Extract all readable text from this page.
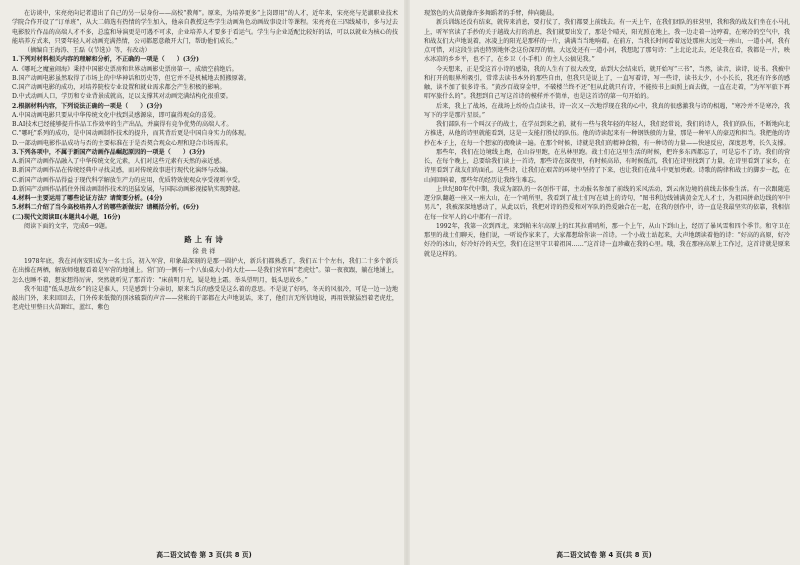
在访谈中，宋亮亮向记者道出了自己的另一层身份——高校“教师”。原来，为培养更多“上岗即用”的人才，近年来，宋亮亮与芜湖职业技术学院合作开设了“订单班”，从大二筛选有热情的学生加入，他亲自教授这些学生动画角色动画故事设计等课程。宋亮亮在三四线城市，多与过去电影胶片作品的高端人才不多，总监和导演更是可遇不可求，企业培养人才要多于看运气。学生与企业适配比较好的话，可以以就业为核心的技能培养方式来，只要年轻人对动画充满热情，公司都愿意敞开大门，帮助他们成长。”

（摘编自王海涛、王磊《(节选)》等，有改动）

1.下列对材料相关内容的理解和分析，不正确的一项是（　　）(3分)

A.《哪吒之魔童闹海》秉持中国影史票房和世界动画影史票房第一，成绩空前绝后。

B.国产动画电影虽然取得了市场上的中华神话和历史等，但它并不是机械地去照搬原著。

C.国产动画电影的成功，对培养院校专业设置和就业需求都会产生积极的影响。

D.中式动画人口，学历和专业背景成就高，足以支撑其对动画完满结构化很重要。

2.根据材料内容，下列说法正确的一项是（　　）(3分)

A.中国动画电影只要从中华传统文化中找到灵感源泉，即可赢得观众的喜爱。

B.AI技术已经能够提升作品工作效率的生产出品，并赢得有竞争优势的高端人才。

C.“哪吒”系列的成功，是中国动画制作技术的提升，而其背后更是中国自身实力的体现。

D.一部动画电影作品成功与否的主要标准在于是否契合观众心理和迎合市场需求。

3.下列各项中，不属于新国产动画作品崛起原因的一项是（　　）(3分)

A.新国产动画作品融入了中华传统文化元素，人们对这些元素有天然的亲近感。

B.新国产动画作品在传统经典中寻找灵感，而对传统故事进行现代化演绎与改编。

C.新国产动画作品得益于现代科学解放生产力的应用，优质特效使观众享受视听享受。

D.新国产动画作品抓住外围动画制作技术的迅猛发展，与国际动画影视接轨实现跨越。

4.材料一主要运用了哪些论证方法？请简要分析。(4分)

5.材料二介绍了当今高校培养人才的哪些新做法？请概括分析。(6分)

(二)现代文阅读Ⅱ(本题共4小题，16分)

阅读下面的文字，完成6～9题。

路上有诗
徐贵祥

1978年底，我在河南安阳成为一名士兵，初入军营，印象最深刻的是那一圆护火，新兵们都熟悉了，我们五十个左右，我们二十多个新兵在出操在两栖，解放师炮舰看着是军营的地铺上。营门的一侧有一个八仙桌大小的大灶——是我们营官叫“老虎灶”。第一夜夜跟，躺在地铺上，怎么也睡不着，想家想得厉害，突然就听见了那首诗：“床前明月光，疑是地上霜。举头望明月，低头思故乡。”

我不知道“低头思故乡”的这是谁人，只是感到十分亲切，原来当兵的感受是这么着的意思。不是说了好吗，冬天的风很冷，可是一边一边地敲出门外，来来回回去，门外传来低微的顶冰破裂的声音——营帐的干部都在大声地说话，来了，他们言无所信地说，再用铁锨猛烈着老虎灶，老虎灶里整日火苗蹿红，蓝红、紫色

高二语文试卷 第 3 页(共 8 页)

现煞色的火苗就像许多舞蹈者的手臂，伸向随晨。

新兵训练还没有结束，就传来消息，要打仗了，我们都要上前线去。有一天上午，在我们团队的驻营里，我和我的战友们坐在小马扎上，听军官读了手抄的关于越战大打的消息，我们就要出发了，那是个晴天，阳光照在地上，我一边走着一边哼着，在寒冷的空气中，我和战友们大声地说着，冰凌上的阳光是那样的一片，满满当当地响着。在前方，当我长时间看着远处那座大远处一座山，一道小河，我有点可惜，对这段生活也特别地怀念这份深厚的情。大远处还有一道小河，我想起了那句诗：“上北论北去，还是我在看，我都是一片，映水冰凉的乡乡平，也不了，在乡卫（小手机）的主人公搞见我。”

今天想来，正是受这首小诗的感染，我的人生有了很大改变，站到大会结束后，就开始写“三书”，当然，读音，读诗，说书。我被中和打开的眼界所吸引，常常去读书本外的那些自由，但我只是说上了，一直写着诗，写一些诗，读书太少，小小长长，我还有许多的感触，读不加了很多诗书。“黄沙百战穿金甲，不破楼兰终不还”但从此就只有诗，不能按书上面照上面去做，一直在走着，“为军军旅下再唱军旅什么的”。我想到自己写这首诗的模样并不简单，也是这首诗的第一句开始的。

后来，我上了战场，在战场上纷纷点点读书，诗一次又一次地浮现在我的心中，我真的很感激我与诗的相遇，“寒冷并不是寒冷，我写下的字是那片星辰。”

我们部队有一个叫汉子的战士，在学员到来之前，就有一些与我年轻的年轻人，我们经常说，我们的诗人，我们的队伍，不断地向北方推进，从他的诗里就能看到，这是一支能打胜仗的队伍。他的诗读起来有一种钢铁般的力量，那是一种军人的豪迈和担当。我把他的诗抄在本子上，在每一个想家的夜晚读一遍。在那个时候，诗就是我们的精神食粮，有一种诗的力量——快速反应，深度思考，长久支撑。

那些年，我们在边境线上跑，在山谷里跑，在丛林里跑。战士们在这里生活的时候，把许多东西都忘了，可是忘不了诗。我们的营长，在每个晚上，总要给我们读上一首诗，那些诗在深夜里，有时候高昂，有时候低沉，我们在诗里找到了力量，在诗里看到了家乡，在诗里看到了战友们的面孔。这些诗，让我们在艰苦的环境中坚持了下来，也让我们在战斗中更加勇敢。诗歌的韵律和战士的脚步一起，在山间回响着，那些年的经历让我终生难忘。

上世纪80年代中期，我成为部队的一名创作干部，主动报名参加了前线的采风活动，到云南边境的前线去体验生活。有一次跟随巡逻分队翻越一座又一座大山，在一个哨所里，我看到了战士们写在墙上的诗句，“图书利边线铺满黄金无人才士，为祖国拼命边线的军中男儿”，我被深深地感动了，从此以后，我把对诗的热爱和对军队的热爱融合在一起，在我的创作中，诗一直是我最坚实的依靠，我相信在每一位军人的心中都有一首诗。

1992年，我第一次到西北，来到帕米尔高原上的红其拉甫哨所，那一个上午，从山下到山上，经历了暴风雪和四个季节。和守卫在那里的战士们聊天，他们说，一听说作家来了，大家都想给你读一首诗。一个小战士站起来，大声地朗读着他的诗：“好高的高原，好冷好冷的冰山，好冷好冷的天空，我们在这里守卫着祖国……”这首诗一直珍藏在我的心里。哦，我在那座高原上工作过，这首诗就是原来就是这样的。

高二语文试卷 第 4 页(共 8 页)
